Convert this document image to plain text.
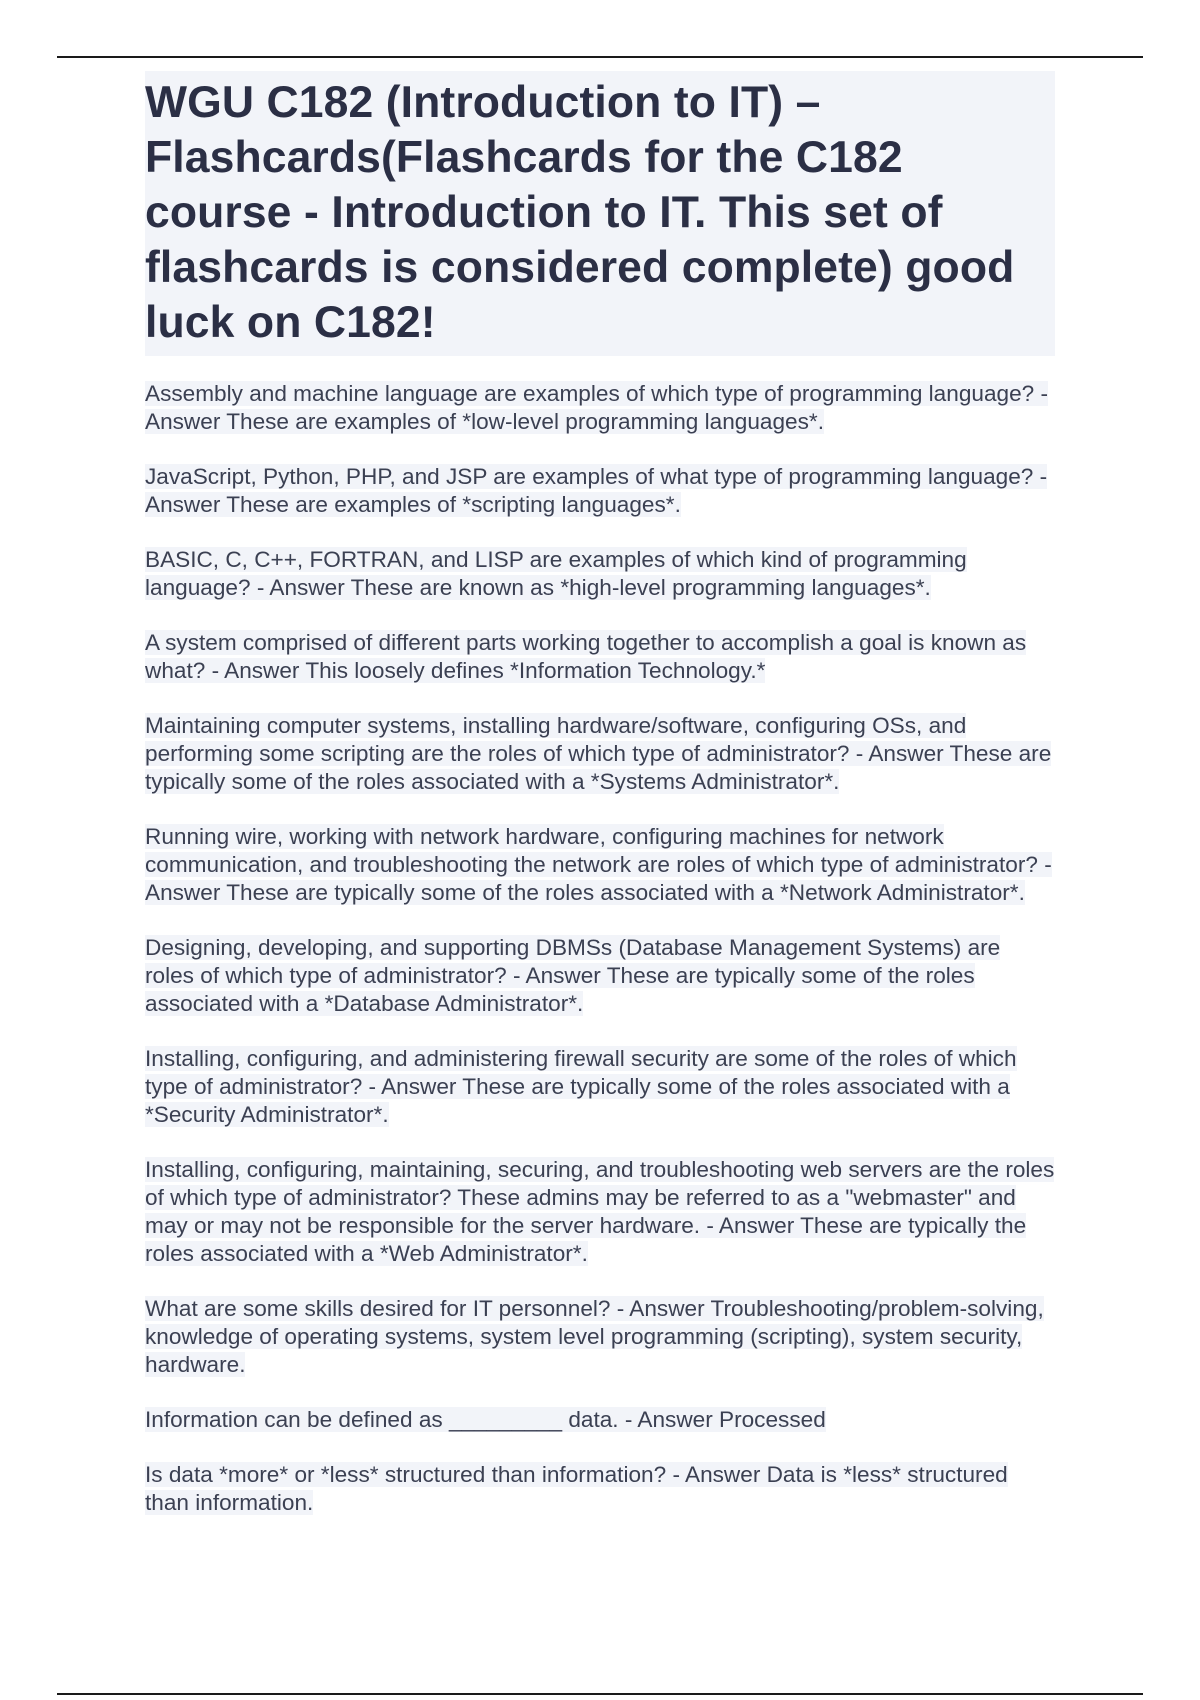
WGU C182 (Introduction to IT) – Flashcards(Flashcards for the C182 course - Introduction to IT. This set of flashcards is considered complete) good luck on C182!

Assembly and machine language are examples of which type of programming language? - Answer These are examples of *low-level programming languages*.

JavaScript, Python, PHP, and JSP are examples of what type of programming language? - Answer These are examples of *scripting languages*.

BASIC, C, C++, FORTRAN, and LISP are examples of which kind of programming language? - Answer These are known as *high-level programming languages*.

A system comprised of different parts working together to accomplish a goal is known as what? - Answer This loosely defines *Information Technology.*

Maintaining computer systems, installing hardware/software, configuring OSs, and performing some scripting are the roles of which type of administrator? - Answer These are typically some of the roles associated with a *Systems Administrator*.

Running wire, working with network hardware, configuring machines for network communication, and troubleshooting the network are roles of which type of administrator? - Answer These are typically some of the roles associated with a *Network Administrator*.

Designing, developing, and supporting DBMSs (Database Management Systems) are roles of which type of administrator? - Answer These are typically some of the roles associated with a *Database Administrator*.

Installing, configuring, and administering firewall security are some of the roles of which type of administrator? - Answer These are typically some of the roles associated with a *Security Administrator*.

Installing, configuring, maintaining, securing, and troubleshooting web servers are the roles of which type of administrator? These admins may be referred to as a "webmaster" and may or may not be responsible for the server hardware. - Answer These are typically the roles associated with a *Web Administrator*.

What are some skills desired for IT personnel? - Answer Troubleshooting/problem-solving, knowledge of operating systems, system level programming (scripting), system security, hardware.

Information can be defined as _________ data. - Answer Processed

Is data *more* or *less* structured than information? - Answer Data is *less* structured than information.
